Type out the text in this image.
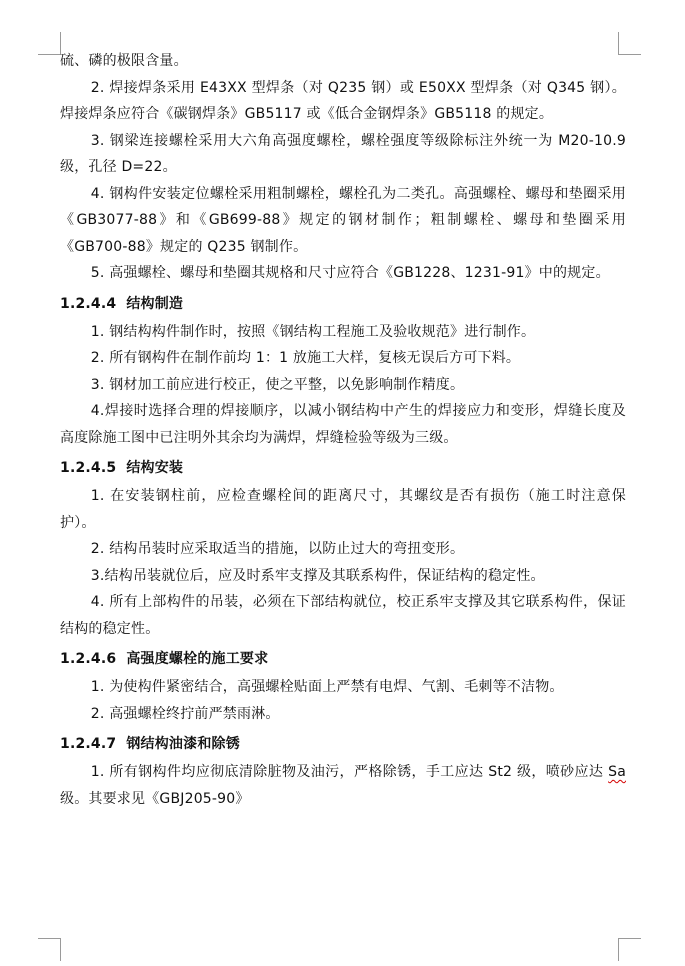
硫、磷的极限含量。

2. 焊接焊条采用 E43XX 型焊条（对 Q235 钢）或 E50XX 型焊条（对 Q345 钢）。焊接焊条应符合《碳钢焊条》GB5117 或《低合金钢焊条》GB5118 的规定。

3. 钢梁连接螺栓采用大六角高强度螺栓，螺栓强度等级除标注外统一为 M20-10.9 级，孔径 D=22。

4. 钢构件安装定位螺栓采用粗制螺栓，螺栓孔为二类孔。高强螺栓、螺母和垫圈采用《GB3077-88》和《GB699-88》规定的钢材制作；粗制螺栓、螺母和垫圈采用《GB700-88》规定的 Q235 钢制作。

5. 高强螺栓、螺母和垫圈其规格和尺寸应符合《GB1228、1231-91》中的规定。

1.2.4.4 结构制造

1. 钢结构构件制作时，按照《钢结构工程施工及验收规范》进行制作。

2. 所有钢构件在制作前均 1：1 放施工大样，复核无误后方可下料。

3. 钢材加工前应进行校正，使之平整，以免影响制作精度。

4.焊接时选择合理的焊接顺序，以减小钢结构中产生的焊接应力和变形，焊缝长度及高度除施工图中已注明外其余均为满焊，焊缝检验等级为三级。

1.2.4.5 结构安装

1. 在安装钢柱前，应检查螺栓间的距离尺寸，其螺纹是否有损伤（施工时注意保护）。

2. 结构吊装时应采取适当的措施，以防止过大的弯扭变形。

3.结构吊装就位后，应及时系牢支撑及其联系构件，保证结构的稳定性。

4. 所有上部构件的吊装，必须在下部结构就位，校正系牢支撑及其它联系构件，保证结构的稳定性。

1.2.4.6 高强度螺栓的施工要求

1. 为使构件紧密结合，高强螺栓贴面上严禁有电焊、气割、毛刺等不洁物。

2. 高强螺栓终拧前严禁雨淋。

1.2.4.7 钢结构油漆和除锈

1. 所有钢构件均应彻底清除脏物及油污，严格除锈，手工应达 St2 级，喷砂应达 Sa 级。其要求见《GBJ205-90》
